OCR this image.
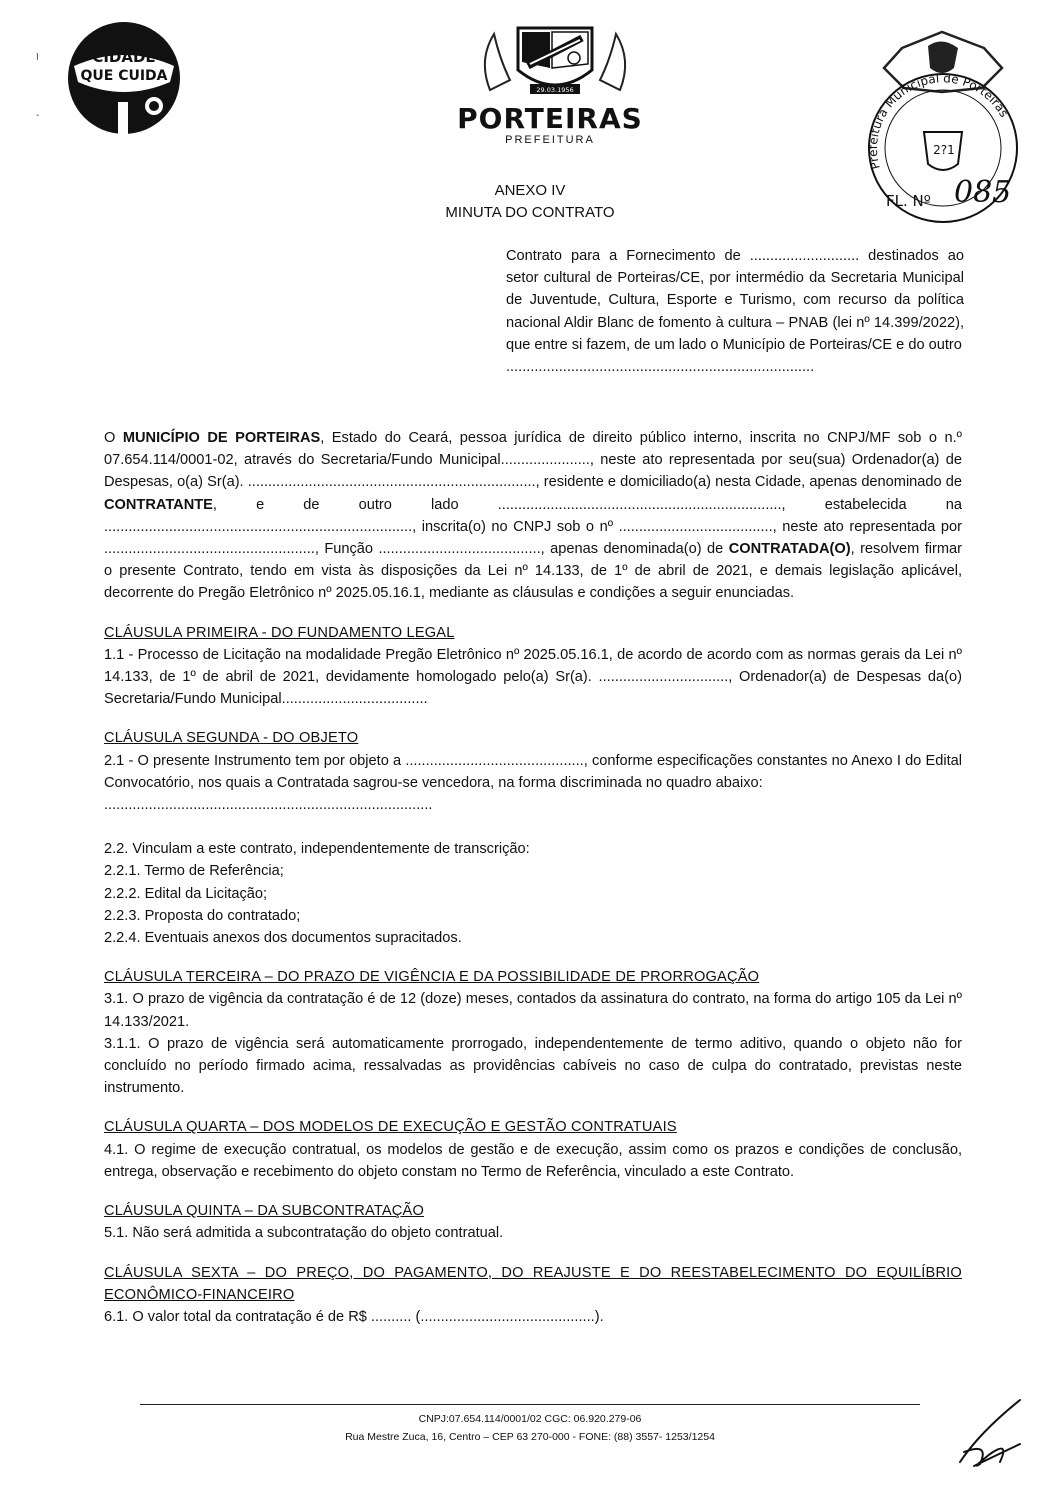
CIDADE
QUE CUIDA
29.03.1956
PORTEIRAS
PREFEITURA
Prefeitura Municipal de Porteiras
2?1
FL. Nº 085
I
-
ANEXO IV
MINUTA DO CONTRATO
Contrato para a Fornecimento de ........................... destinados ao setor cultural de Porteiras/CE, por intermédio da Secretaria Municipal de Juventude, Cultura, Esporte e Turismo, com recurso da política nacional Aldir Blanc de fomento à cultura – PNAB (lei nº 14.399/2022), que entre si fazem, de um lado o Município de Porteiras/CE e do outro
............................................................................

O MUNICÍPIO DE PORTEIRAS, Estado do Ceará, pessoa jurídica de direito público interno, inscrita no CNPJ/MF sob o n.º 07.654.114/0001-02, através do Secretaria/Fundo Municipal......................, neste ato representada por seu(sua) Ordenador(a) de Despesas, o(a) Sr(a). ......................................................................., residente e domiciliado(a) nesta Cidade, apenas denominado de CONTRATANTE, e de outro lado ......................................................................, estabelecida na ............................................................................, inscrita(o) no CNPJ sob o nº ......................................, neste ato representada por ...................................................., Função ........................................, apenas denominada(o) de CONTRATADA(O), resolvem firmar o presente Contrato, tendo em vista às disposições da Lei nº 14.133, de 1º de abril de 2021, e demais legislação aplicável, decorrente do Pregão Eletrônico nº 2025.05.16.1, mediante as cláusulas e condições a seguir enunciadas.

CLÁUSULA PRIMEIRA - DO FUNDAMENTO LEGAL

1.1 - Processo de Licitação na modalidade Pregão Eletrônico nº 2025.05.16.1, de acordo de acordo com as normas gerais da Lei nº 14.133, de 1º de abril de 2021, devidamente homologado pelo(a) Sr(a). ................................, Ordenador(a) de Despesas da(o) Secretaria/Fundo Municipal....................................

CLÁUSULA SEGUNDA - DO OBJETO

2.1 - O presente Instrumento tem por objeto a ............................................, conforme especificações constantes no Anexo I do Edital Convocatório, nos quais a Contratada sagrou-se vencedora, na forma discriminada no quadro abaixo:

.................................................................................

2.2. Vinculam a este contrato, independentemente de transcrição:

2.2.1. Termo de Referência;

2.2.2. Edital da Licitação;

2.2.3. Proposta do contratado;

2.2.4. Eventuais anexos dos documentos supracitados.

CLÁUSULA TERCEIRA – DO PRAZO DE VIGÊNCIA E DA POSSIBILIDADE DE PRORROGAÇÃO

3.1. O prazo de vigência da contratação é de 12 (doze) meses, contados da assinatura do contrato, na forma do artigo 105 da Lei nº 14.133/2021.

3.1.1. O prazo de vigência será automaticamente prorrogado, independentemente de termo aditivo, quando o objeto não for concluído no período firmado acima, ressalvadas as providências cabíveis no caso de culpa do contratado, previstas neste instrumento.

CLÁUSULA QUARTA – DOS MODELOS DE EXECUÇÃO E GESTÃO CONTRATUAIS

4.1. O regime de execução contratual, os modelos de gestão e de execução, assim como os prazos e condições de conclusão, entrega, observação e recebimento do objeto constam no Termo de Referência, vinculado a este Contrato.

CLÁUSULA QUINTA – DA SUBCONTRATAÇÃO

5.1. Não será admitida a subcontratação do objeto contratual.

CLÁUSULA SEXTA – DO PREÇO, DO PAGAMENTO, DO REAJUSTE E DO REESTABELECIMENTO DO EQUILÍBRIO ECONÔMICO-FINANCEIRO

6.1. O valor total da contratação é de R$ .......... (...........................................).

CNPJ:07.654.114/0001/02 CGC: 06.920.279-06
Rua Mestre Zuca, 16, Centro – CEP 63 270-000 - FONE: (88) 3557- 1253/1254
